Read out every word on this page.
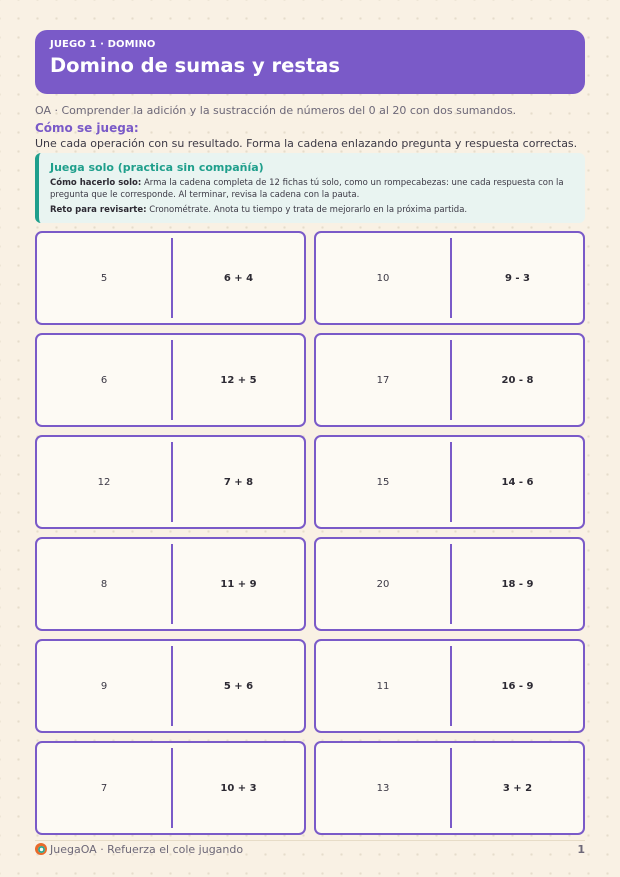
JUEGO 1 · DOMINO
Domino de sumas y restas
OA · Comprender la adición y la sustracción de números del 0 al 20 con dos sumandos.
Cómo se juega:
Une cada operación con su resultado. Forma la cadena enlazando pregunta y respuesta correctas.
Juega solo (practica sin compañía)

Cómo hacerlo solo: Arma la cadena completa de 12 fichas tú solo, como un rompecabezas: une cada respuesta con la pregunta que le corresponde. Al terminar, revisa la cadena con la pauta.

Reto para revisarte: Cronométrate. Anota tu tiempo y trata de mejorarlo en la próxima partida.

5	6 + 4	10	9 - 3
6	12 + 5	17	20 - 8
12	7 + 8	15	14 - 6
8	11 + 9	20	18 - 9
9	5 + 6	11	16 - 9
7	10 + 3	13	3 + 2
JuegaOA · Refuerza el cole jugando	1
